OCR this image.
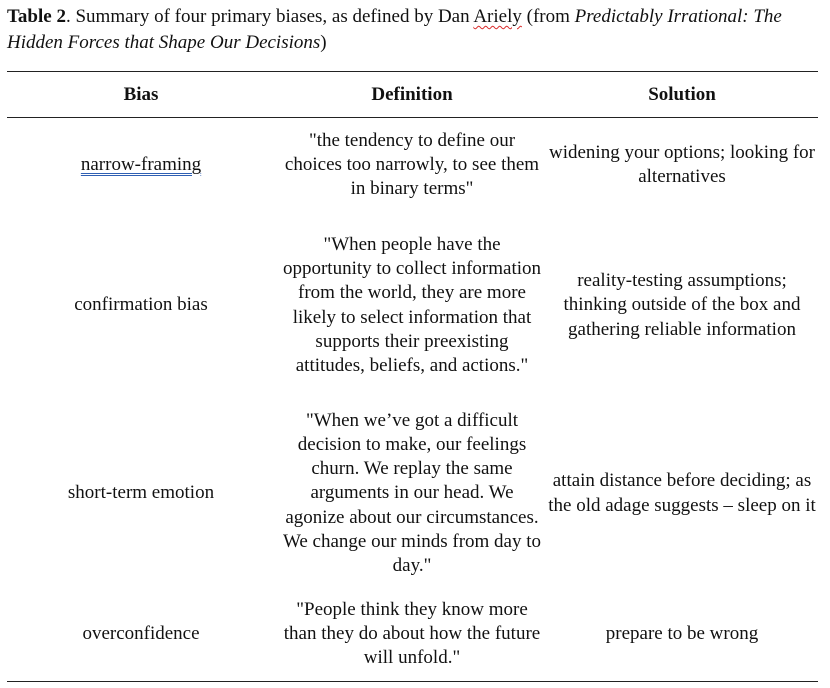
Table 2. Summary of four primary biases, as defined by Dan Ariely (from Predictably Irrational: The Hidden Forces that Shape Our Decisions)

Bias	Definition	Solution
narrow-framing
"the tendency to define our choices too narrowly, to see them in binary terms"
widening your options; looking for alternatives
confirmation bias
"When people have the opportunity to collect information from the world, they are more likely to select information that supports their preexisting attitudes, beliefs, and actions."
reality-testing assumptions; thinking outside of the box and gathering reliable information
short-term emotion
"When we’ve got a difficult decision to make, our feelings churn. We replay the same arguments in our head. We agonize about our circumstances. We change our minds from day to day."
attain distance before deciding; as the old adage suggests – sleep on it
overconfidence
"People think they know more than they do about how the future will unfold."
prepare to be wrong
